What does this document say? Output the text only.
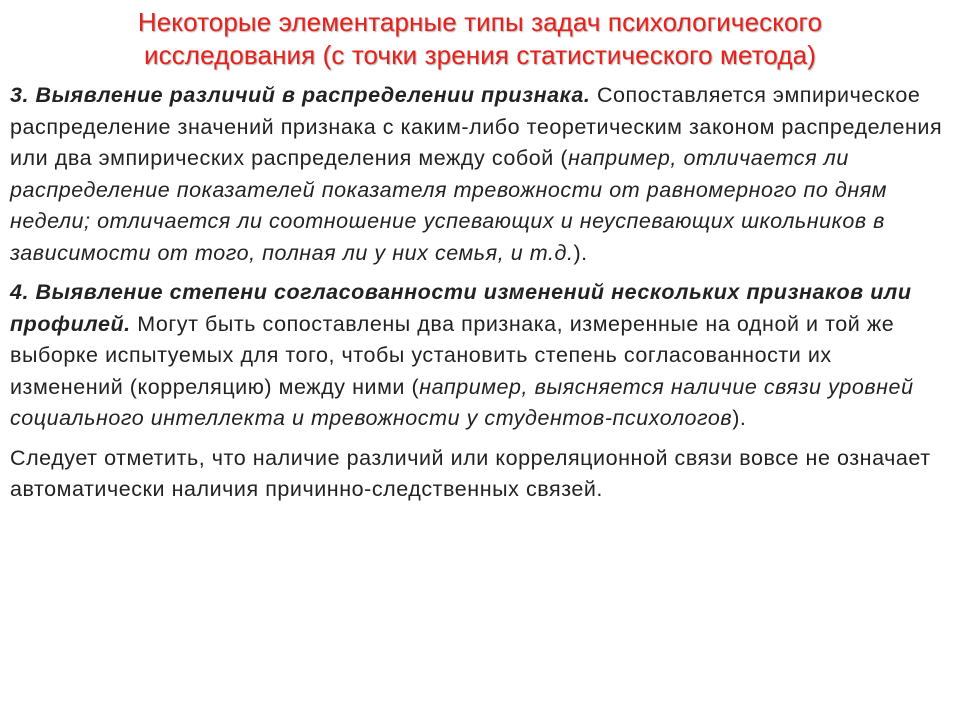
Некоторые элементарные типы задач психологического
исследования (с точки зрения статистического метода)

3. Выявление различий в распределении признака. Сопоставляется эмпирическое распределение значений признака с каким-либо теоретическим законом распределения или два эмпирических распределения между собой (например, отличается ли распределение показателей показателя тревожности от равномерного по дням недели; отличается ли соотношение успевающих и неуспевающих школьников в зависимости от того, полная ли у них семья, и т.д.).

4. Выявление степени согласованности изменений нескольких признаков или профилей. Могут быть сопоставлены два признака, измеренные на одной и той же выборке испытуемых для того, чтобы установить степень согласованности их изменений (корреляцию) между ними (например, выясняется наличие связи уровней социального интеллекта и тревожности у студентов-психологов).

Следует отметить, что наличие различий или корреляционной связи вовсе не означает автоматически наличия причинно-следственных связей.
